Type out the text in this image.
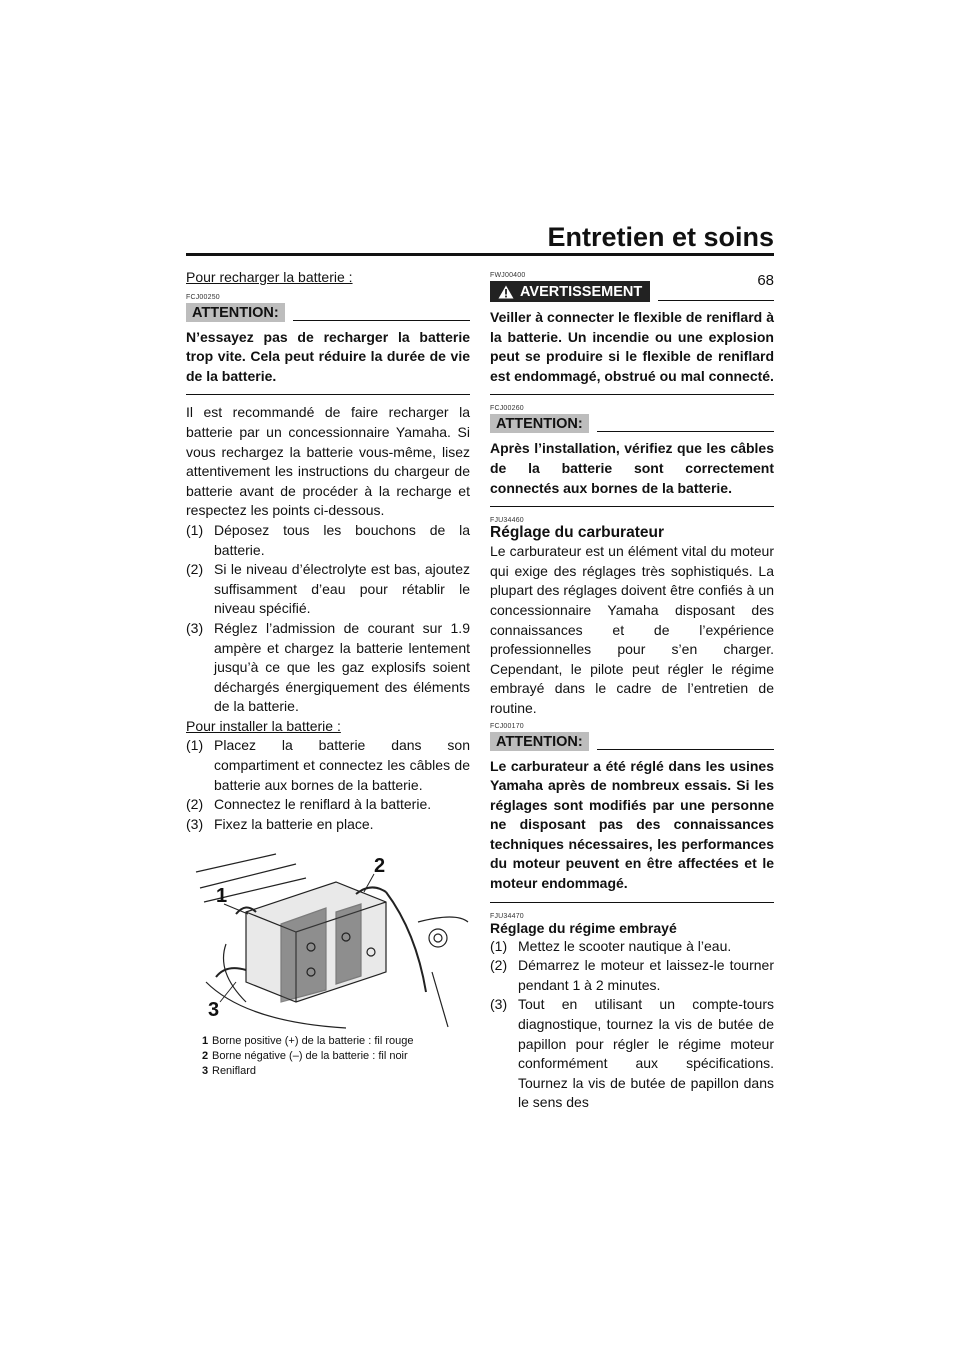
Entretien et soins
68

Pour recharger la batterie :

FCJ00250
ATTENTION:
N’essayez pas de recharger la batterie trop vite. Cela peut réduire la durée de vie de la batterie.

Il est recommandé de faire recharger la batterie par un concessionnaire Yamaha. Si vous rechargez la batterie vous-même, lisez attentivement les instructions du chargeur de batterie avant de procéder à la recharge et respectez les points ci-dessous.

(1) Déposez tous les bouchons de la batterie.
(2) Si le niveau d’électrolyte est bas, ajoutez suffisamment d’eau pour rétablir le niveau spécifié.
(3) Réglez l’admission de courant sur 1.9 ampère et chargez la batterie lentement jusqu’à ce que les gaz explosifs soient déchargés énergiquement des éléments de la batterie.

Pour installer la batterie :

(1) Placez la batterie dans son compartiment et connectez les câbles de batterie aux bornes de la batterie.
(2) Connectez le reniflard à la batterie.
(3) Fixez la batterie en place.
1
2
3
1 Borne positive (+) de la batterie : fil rouge
2 Borne négative (–) de la batterie : fil noir
3 Reniflard
FWJ00400
AVERTISSEMENT
Veiller à connecter le flexible de reniflard à la batterie. Un incendie ou une explosion peut se produire si le flexible de reniflard est endommagé, obstrué ou mal connecté.
FCJ00260
ATTENTION:
Après l’installation, vérifiez que les câbles de la batterie sont correctement connectés aux bornes de la batterie.
FJU34460
Réglage du carburateur

Le carburateur est un élément vital du moteur qui exige des réglages très sophistiqués. La plupart des réglages doivent être confiés à un concessionnaire Yamaha disposant des connaissances et de l’expérience professionnelles pour s’en charger. Cependant, le pilote peut régler le régime embrayé dans le cadre de l’entretien de routine.

FCJ00170
ATTENTION:
Le carburateur a été réglé dans les usines Yamaha après de nombreux essais. Si les réglages sont modifiés par une personne ne disposant pas des connaissances techniques nécessaires, les performances du moteur peuvent en être affectées et le moteur endommagé.
FJU34470
Réglage du régime embrayé
(1) Mettez le scooter nautique à l’eau.
(2) Démarrez le moteur et laissez-le tourner pendant 1 à 2 minutes.
(3) Tout en utilisant un compte-tours diagnostique, tournez la vis de butée de papillon pour régler le régime moteur conformément aux spécifications. Tournez la vis de butée de papillon dans le sens des
